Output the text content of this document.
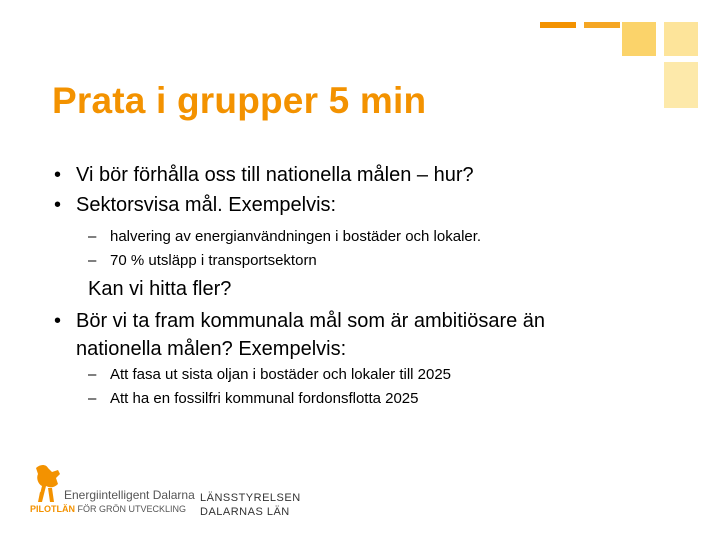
Prata i grupper 5 min
• Vi bör förhålla oss till nationella målen – hur?
• Sektorsvisa mål. Exempelvis:
– halvering av energianvändningen i bostäder och lokaler.
– 70 % utsläpp i transportsektorn
Kan vi hitta fler?
• Bör vi ta fram kommunala mål som är ambitiösare än
nationella målen? Exempelvis:
– Att fasa ut sista oljan i bostäder och lokaler till 2025
– Att ha en fossilfri kommunal fordonsflotta 2025
Energiintelligent Dalarna
PILOTLÄN FÖR GRÖN UTVECKLING
LÄNSSTYRELSEN
DALARNAS LÄN
